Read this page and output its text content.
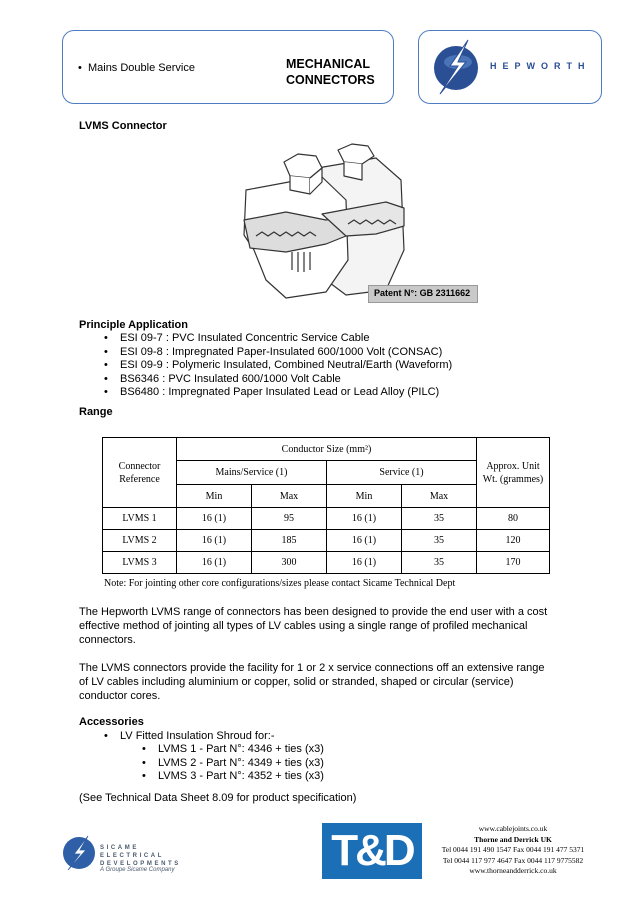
•  Mains Double Service	MECHANICAL
CONNECTORS
HEPWORTH
LVMS Connector
Patent N°: GB 2311662
Principle Application
• ESI 09-7 : PVC Insulated Concentric Service Cable
• ESI 09-8 : Impregnated Paper-Insulated 600/1000 Volt (CONSAC)
• ESI 09-9 : Polymeric Insulated, Combined Neutral/Earth (Waveform)
• BS6346 : PVC Insulated 600/1000 Volt Cable
• BS6480 : Impregnated Paper Insulated Lead or Lead Alloy (PILC)
Range
Connector Reference	Conductor Size (mm²)				Approx. Unit Wt. (grammes)

	Mains/Service (1)		Service (1)		
	Min	Max	Min	Max	
LVMS 1	16 (1)	95	16 (1)	35	80
LVMS 2	16 (1)	185	16 (1)	35	120
LVMS 3	16 (1)	300	16 (1)	35	170
Note: For jointing other core configurations/sizes please contact Sicame Technical Dept
The Hepworth LVMS range of connectors has been designed to provide the end user with a cost effective method of jointing all types of LV cables using a single range of profiled mechanical connectors.
The LVMS connectors provide the facility for 1 or 2 x service connections off an extensive range of LV cables including aluminium or copper, solid or stranded, shaped or circular (service) conductor cores.
Accessories
• LV Fitted Insulation Shroud for:-
• LVMS 1 - Part N°: 4346 + ties (x3)
• LVMS 2 - Part N°: 4349 + ties (x3)
• LVMS 3 - Part N°: 4352 + ties (x3)
(See Technical Data Sheet 8.09 for product specification)
SICAME
ELECTRICAL
DEVELOPMENTS
A Groupe Sicame Company	T&D	www.cablejoints.co.uk
Thorne and Derrick UK
Tel 0044 191 490 1547 Fax 0044 191 477 5371
Tel 0044 117 977 4647 Fax 0044 117 9775582
www.thorneandderrick.co.uk
